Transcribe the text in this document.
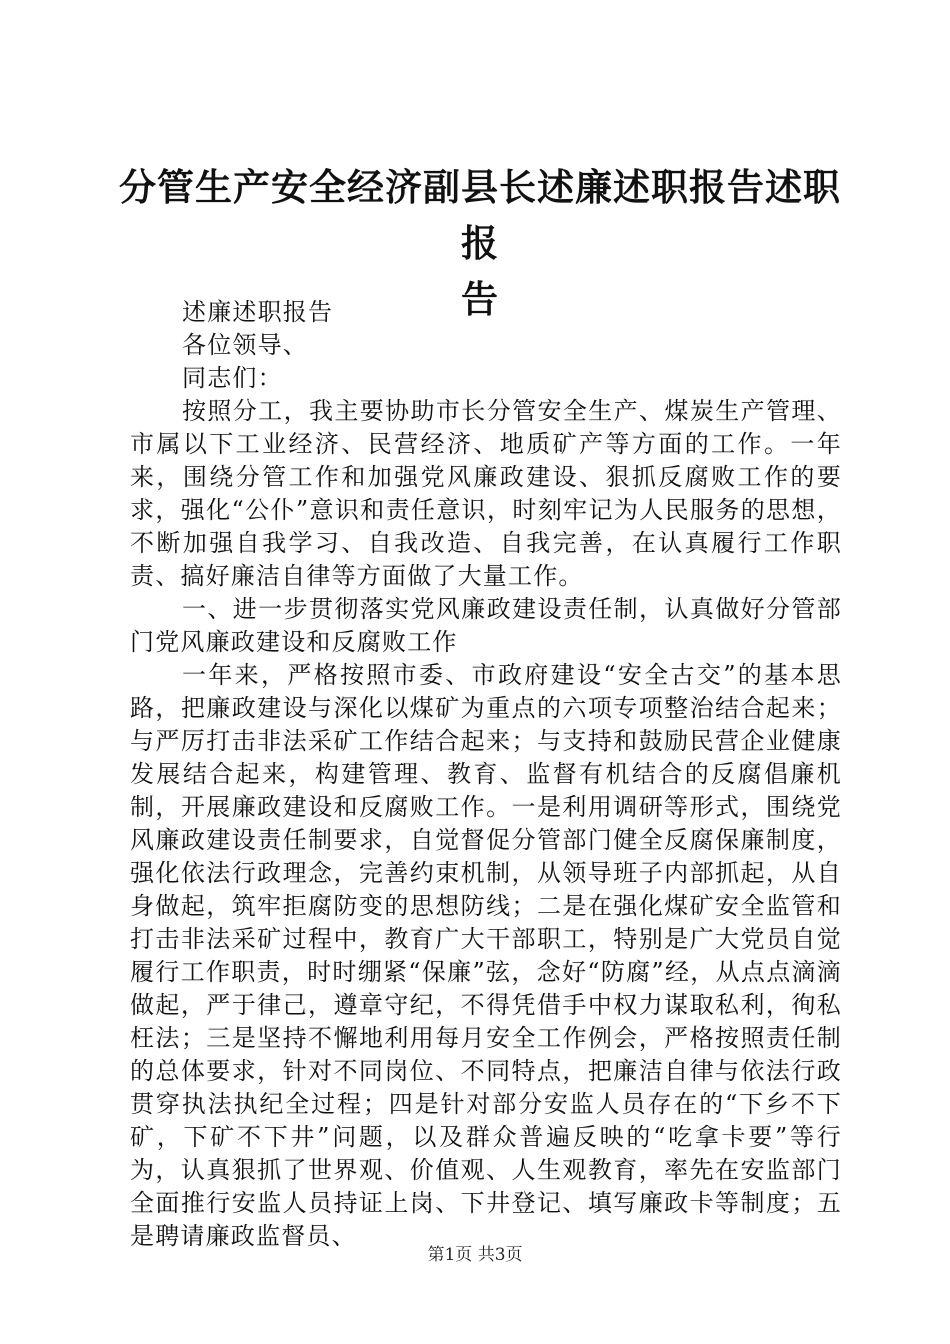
分管生产安全经济副县长述廉述职报告述职报
告

述廉述职报告

各位领导、

同志们：

按照分工，我主要协助市长分管安全生产、煤炭生产管理、市属以下工业经济、民营经济、地质矿产等方面的工作。一年来，围绕分管工作和加强党风廉政建设、狠抓反腐败工作的要求，强化“公仆”意识和责任意识，时刻牢记为人民服务的思想，不断加强自我学习、自我改造、自我完善，在认真履行工作职责、搞好廉洁自律等方面做了大量工作。

一、进一步贯彻落实党风廉政建设责任制，认真做好分管部门党风廉政建设和反腐败工作

一年来，严格按照市委、市政府建设“安全古交”的基本思路，把廉政建设与深化以煤矿为重点的六项专项整治结合起来；与严厉打击非法采矿工作结合起来；与支持和鼓励民营企业健康发展结合起来，构建管理、教育、监督有机结合的反腐倡廉机制，开展廉政建设和反腐败工作。一是利用调研等形式，围绕党风廉政建设责任制要求，自觉督促分管部门健全反腐保廉制度，强化依法行政理念，完善约束机制，从领导班子内部抓起，从自身做起，筑牢拒腐防变的思想防线；二是在强化煤矿安全监管和打击非法采矿过程中，教育广大干部职工，特别是广大党员自觉履行工作职责，时时绷紧“保廉”弦，念好“防腐”经，从点点滴滴做起，严于律己，遵章守纪，不得凭借手中权力谋取私利，徇私枉法；三是坚持不懈地利用每月安全工作例会，严格按照责任制的总体要求，针对不同岗位、不同特点，把廉洁自律与依法行政贯穿执法执纪全过程；四是针对部分安监人员存在的“下乡不下矿，下矿不下井”问题，以及群众普遍反映的“吃拿卡要”等行为，认真狠抓了世界观、价值观、人生观教育，率先在安监部门全面推行安监人员持证上岗、下井登记、填写廉政卡等制度；五是聘请廉政监督员、

第1页 共3页
